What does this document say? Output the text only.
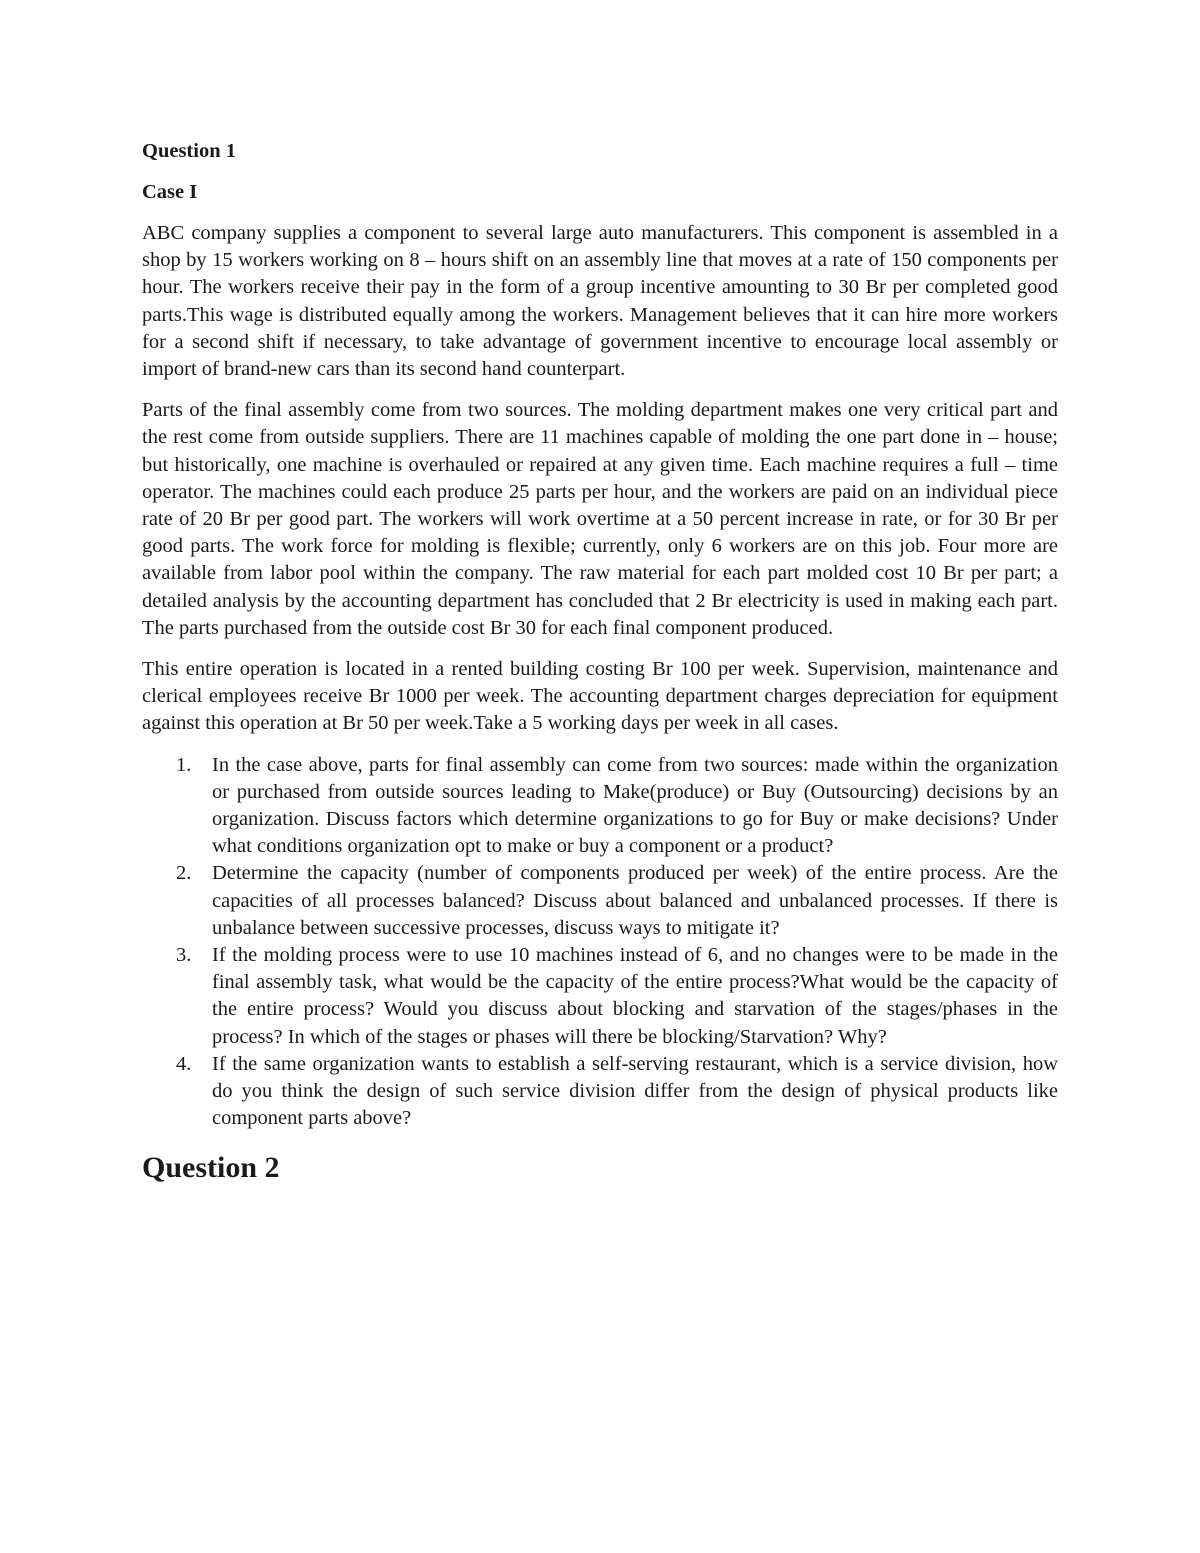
Question 1
Case I

ABC company supplies a component to several large auto manufacturers. This component is assembled in a shop by 15 workers working on 8 – hours shift on an assembly line that moves at a rate of 150 components per hour. The workers receive their pay in the form of a group incentive amounting to 30 Br per completed good parts.This wage is distributed equally among the workers. Management believes that it can hire more workers for a second shift if necessary, to take advantage of government incentive to encourage local assembly or import of brand-new cars than its second hand counterpart.

Parts of the final assembly come from two sources. The molding department makes one very critical part and the rest come from outside suppliers. There are 11 machines capable of molding the one part done in – house; but historically, one machine is overhauled or repaired at any given time. Each machine requires a full – time operator. The machines could each produce 25 parts per hour, and the workers are paid on an individual piece rate of 20 Br per good part. The workers will work overtime at a 50 percent increase in rate, or for 30 Br per good parts. The work force for molding is flexible; currently, only 6 workers are on this job. Four more are available from labor pool within the company. The raw material for each part molded cost 10 Br per part; a detailed analysis by the accounting department has concluded that 2 Br electricity is used in making each part. The parts purchased from the outside cost Br 30 for each final component produced.

This entire operation is located in a rented building costing Br 100 per week. Supervision, maintenance and clerical employees receive Br 1000 per week. The accounting department charges depreciation for equipment against this operation at Br 50 per week.Take a 5 working days per week in all cases.

1. In the case above, parts for final assembly can come from two sources: made within the organization or purchased from outside sources leading to Make(produce) or Buy (Outsourcing) decisions by an organization. Discuss factors which determine organizations to go for Buy or make decisions? Under what conditions organization opt to make or buy a component or a product?
2. Determine the capacity (number of components produced per week) of the entire process. Are the capacities of all processes balanced? Discuss about balanced and unbalanced processes. If there is unbalance between successive processes, discuss ways to mitigate it?
3. If the molding process were to use 10 machines instead of 6, and no changes were to be made in the final assembly task, what would be the capacity of the entire process?What would be the capacity of the entire process? Would you discuss about blocking and starvation of the stages/phases in the process? In which of the stages or phases will there be blocking/Starvation? Why?
4. If the same organization wants to establish a self-serving restaurant, which is a service division, how do you think the design of such service division differ from the design of physical products like component parts above?
Question 2
